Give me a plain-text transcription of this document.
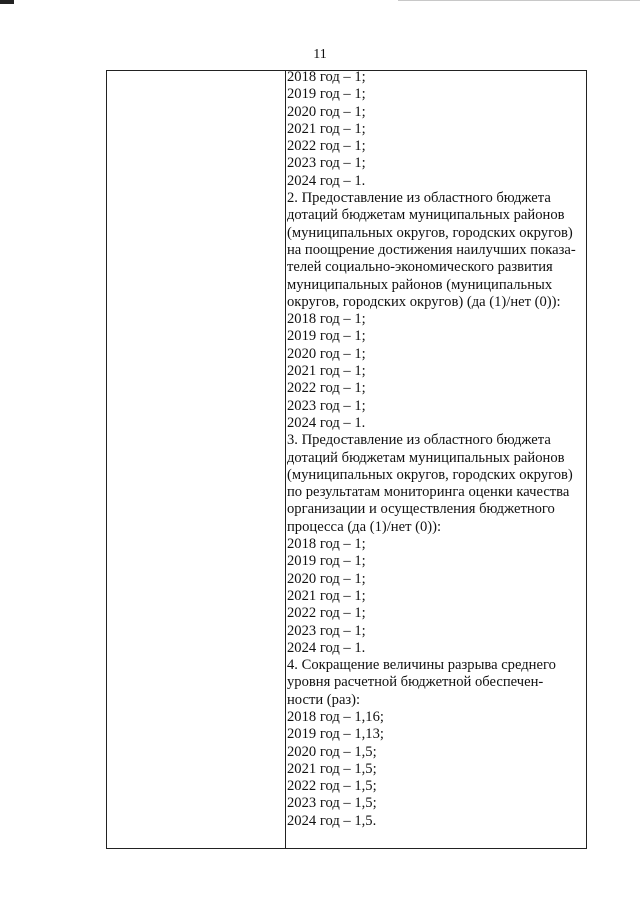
11
2018 год – 1;
2019 год – 1;
2020 год – 1;
2021 год – 1;
2022 год – 1;
2023 год – 1;
2024 год – 1.
2. Предоставление из областного бюджета
дотаций бюджетам муниципальных районов
(муниципальных округов, городских округов)
на поощрение достижения наилучших показа-
телей социально-экономического развития
муниципальных районов (муниципальных
округов, городских округов) (да (1)/нет (0)):
2018 год – 1;
2019 год – 1;
2020 год – 1;
2021 год – 1;
2022 год – 1;
2023 год – 1;
2024 год – 1.
3. Предоставление из областного бюджета
дотаций бюджетам муниципальных районов
(муниципальных округов, городских округов)
по результатам мониторинга оценки качества
организации и осуществления бюджетного
процесса (да (1)/нет (0)):
2018 год – 1;
2019 год – 1;
2020 год – 1;
2021 год – 1;
2022 год – 1;
2023 год – 1;
2024 год – 1.
4. Сокращение величины разрыва среднего
уровня расчетной бюджетной обеспечен-
ности (раз):
2018 год – 1,16;
2019 год – 1,13;
2020 год – 1,5;
2021 год – 1,5;
2022 год – 1,5;
2023 год – 1,5;
2024 год – 1,5.
